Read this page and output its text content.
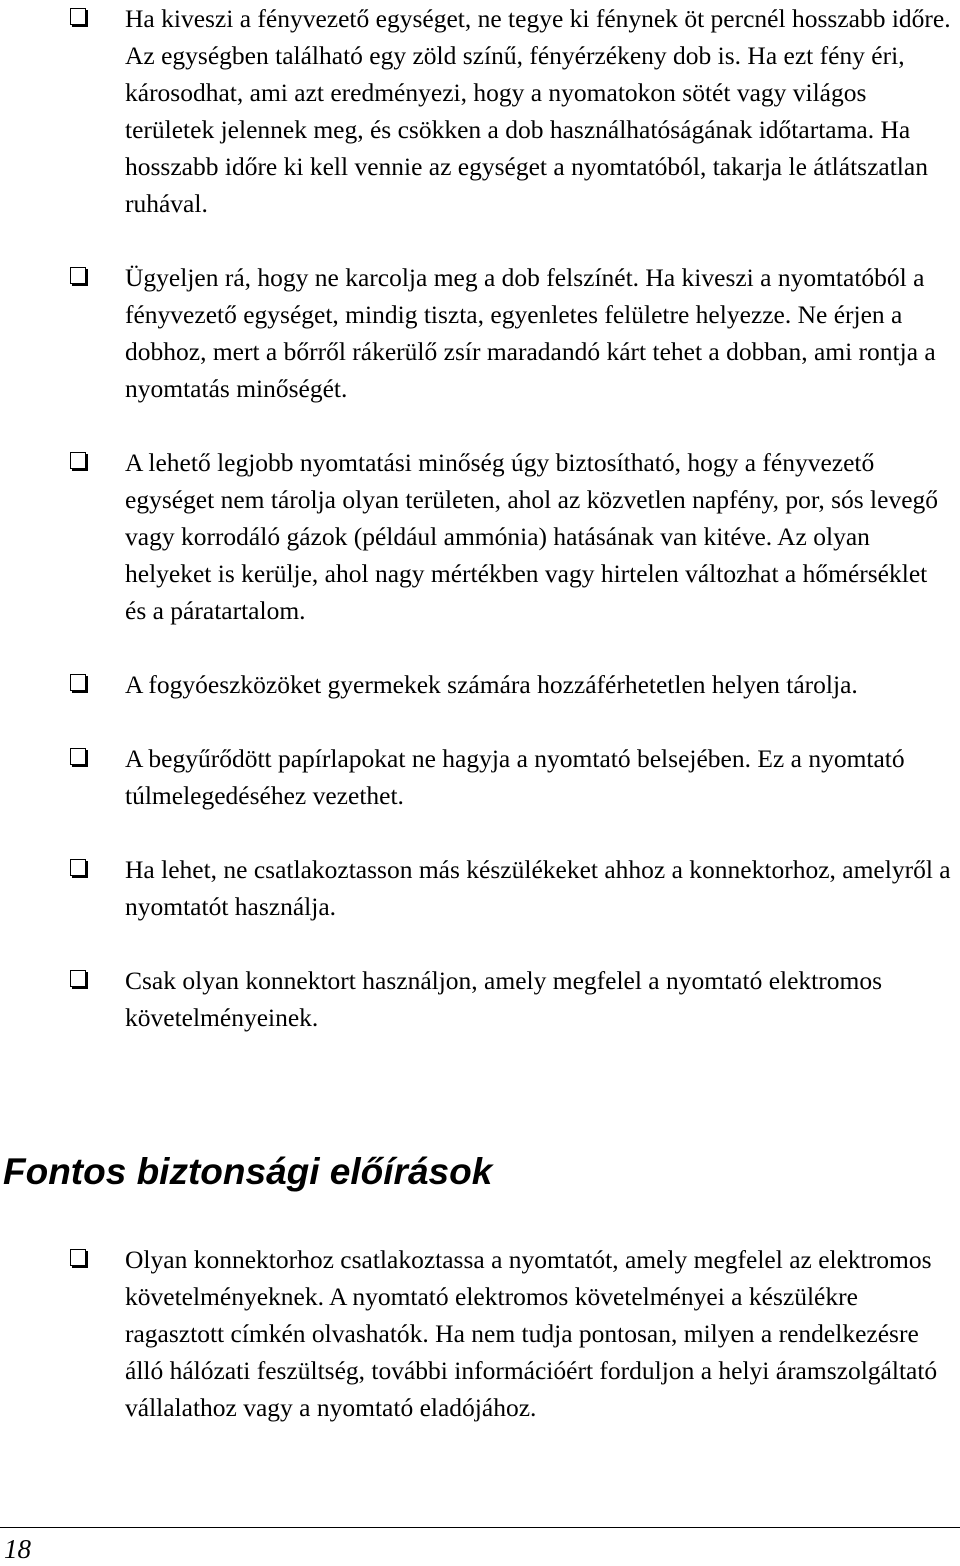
Ha kiveszi a fényvezető egységet, ne tegye ki fénynek öt percnél hosszabb időre. Az egységben található egy zöld színű, fényérzékeny dob is. Ha ezt fény éri, károsodhat, ami azt eredményezi, hogy a nyomatokon sötét vagy világos területek jelennek meg, és csökken a dob használhatóságának időtartama. Ha hosszabb időre ki kell vennie az egységet a nyomtatóból, takarja le átlátszatlan ruhával.
Ügyeljen rá, hogy ne karcolja meg a dob felszínét. Ha kiveszi a nyomtatóból a fényvezető egységet, mindig tiszta, egyenletes felületre helyezze. Ne érjen a dobhoz, mert a bőrről rákerülő zsír maradandó kárt tehet a dobban, ami rontja a nyomtatás minőségét.
A lehető legjobb nyomtatási minőség úgy biztosítható, hogy a fényvezető egységet nem tárolja olyan területen, ahol az közvetlen napfény, por, sós levegő vagy korrodáló gázok (például ammónia) hatásának van kitéve. Az olyan helyeket is kerülje, ahol nagy mértékben vagy hirtelen változhat a hőmérséklet és a páratartalom.
A fogyóeszközöket gyermekek számára hozzáférhetetlen helyen tárolja.
A begyűrődött papírlapokat ne hagyja a nyomtató belsejében. Ez a nyomtató túlmelegedéséhez vezethet.
Ha lehet, ne csatlakoztasson más készülékeket ahhoz a konnektorhoz, amelyről a nyomtatót használja.
Csak olyan konnektort használjon, amely megfelel a nyomtató elektromos követelményeinek.
Fontos biztonsági előírások
Olyan konnektorhoz csatlakoztassa a nyomtatót, amely megfelel az elektromos követelményeknek. A nyomtató elektromos követelményei a készülékre ragasztott címkén olvashatók. Ha nem tudja pontosan, milyen a rendelkezésre álló hálózati feszültség, további információért forduljon a helyi áramszolgáltató vállalathoz vagy a nyomtató eladójához.
18
